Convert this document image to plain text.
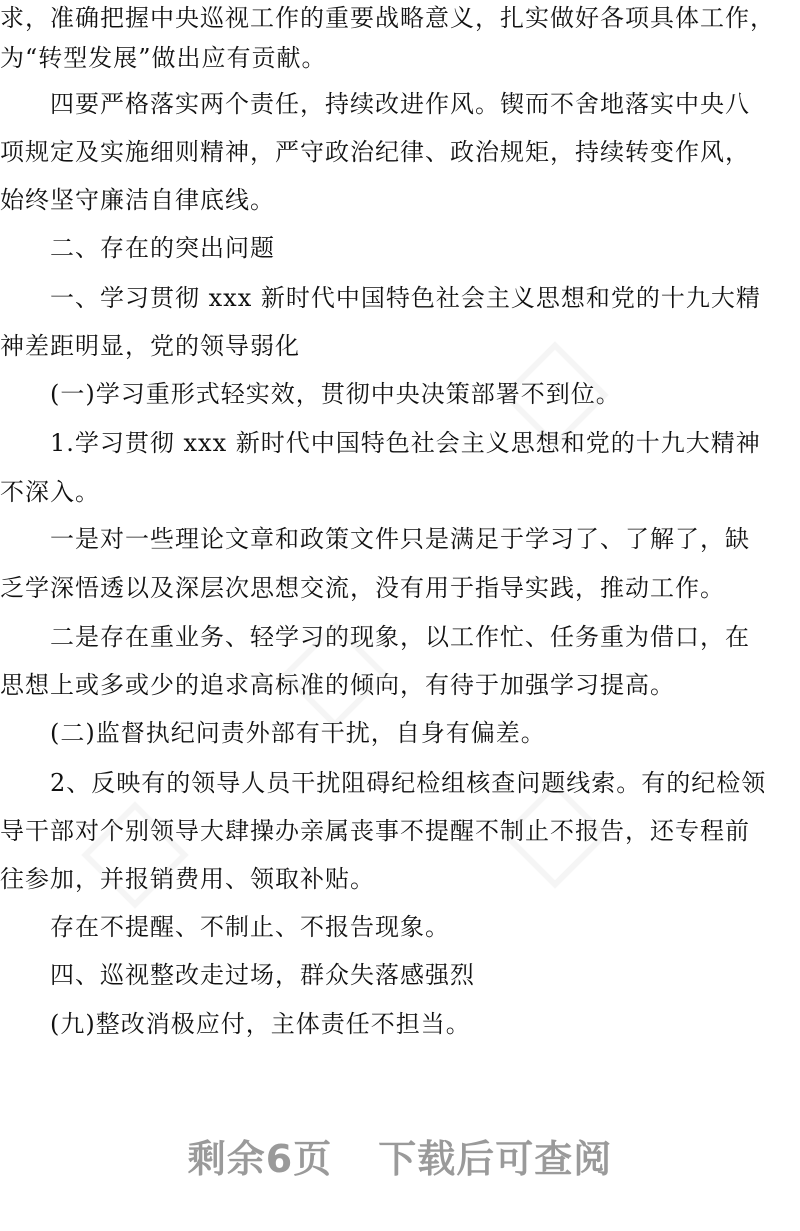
求，准确把握中央巡视工作的重要战略意义，扎实做好各项具体工作，
为“转型发展”做出应有贡献。
　　四要严格落实两个责任，持续改进作风。锲而不舍地落实中央八
项规定及实施细则精神，严守政治纪律、政治规矩，持续转变作风，
始终坚守廉洁自律底线。
　　二、存在的突出问题
　　一、学习贯彻 xxx 新时代中国特色社会主义思想和党的十九大精
神差距明显，党的领导弱化
　　(一)学习重形式轻实效，贯彻中央决策部署不到位。
　　1.学习贯彻 xxx 新时代中国特色社会主义思想和党的十九大精神
不深入。
　　一是对一些理论文章和政策文件只是满足于学习了、了解了，缺
乏学深悟透以及深层次思想交流，没有用于指导实践，推动工作。
　　二是存在重业务、轻学习的现象，以工作忙、任务重为借口，在
思想上或多或少的追求高标准的倾向，有待于加强学习提高。
　　(二)监督执纪问责外部有干扰，自身有偏差。
　　2、反映有的领导人员干扰阻碍纪检组核查问题线索。有的纪检领
导干部对个别领导大肆操办亲属丧事不提醒不制止不报告，还专程前
往参加，并报销费用、领取补贴。
　　存在不提醒、不制止、不报告现象。
　　四、巡视整改走过场，群众失落感强烈
　　(九)整改消极应付，主体责任不担当。
剩余6页 下载后可查阅
